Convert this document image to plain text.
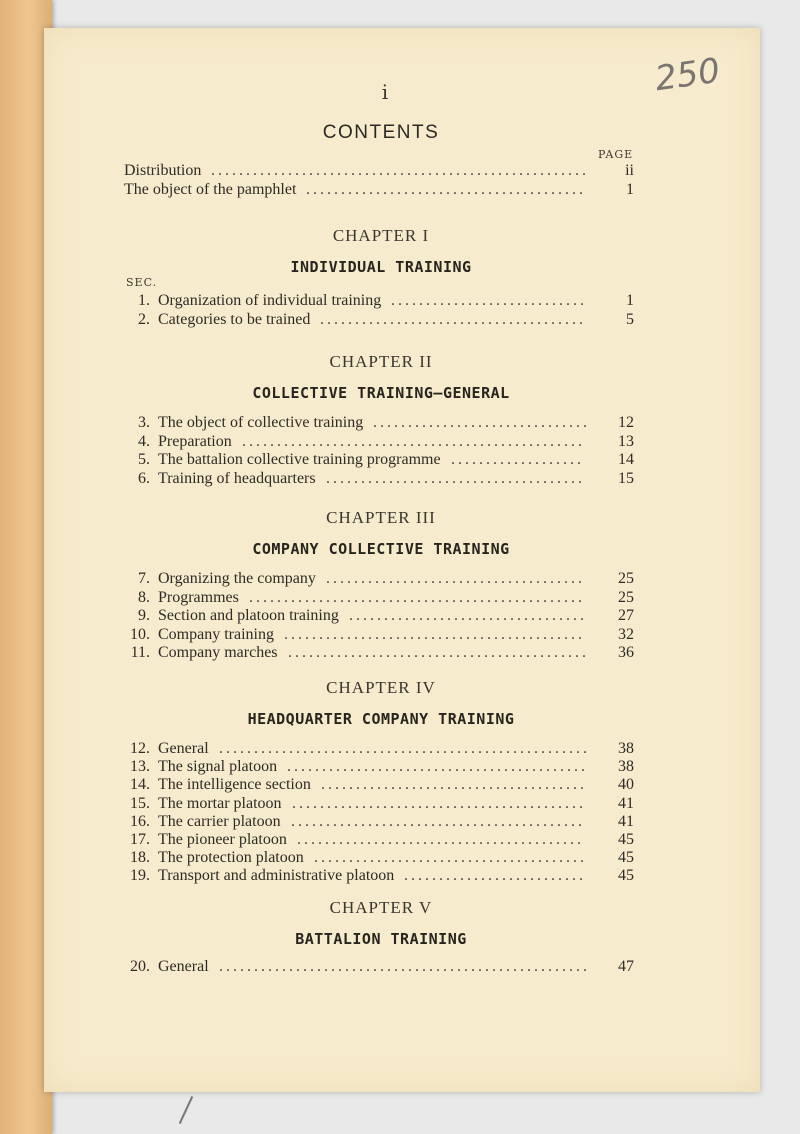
i	250
CONTENTS
PAGE
SEC.
Distribution	ii
......................................................
The object of the pamphlet	1
........................................
CHAPTER I
INDIVIDUAL TRAINING
1. Organization of individual training	1
............................
2. Categories to be trained	5
......................................
CHAPTER II
COLLECTIVE TRAINING—GENERAL
3. The object of collective training	12
...............................
4. Preparation	13
.................................................
5. The battalion collective training programme	14
...................
6. Training of headquarters	15
.....................................
CHAPTER III
COMPANY COLLECTIVE TRAINING
7. Organizing the company	25
.....................................
8. Programmes	25
................................................
9. Section and platoon training	27
..................................
10. Company training	32
...........................................
11. Company marches	36
...........................................
CHAPTER IV
HEADQUARTER COMPANY TRAINING
12. General	38
.....................................................
13. The signal platoon	38
...........................................
14. The intelligence section	40
......................................
15. The mortar platoon	41
..........................................
16. The carrier platoon	41
..........................................
17. The pioneer platoon	45
.........................................
18. The protection platoon	45
.......................................
19. Transport and administrative platoon	45
..........................
CHAPTER V
BATTALION TRAINING
20. General	47
.....................................................
